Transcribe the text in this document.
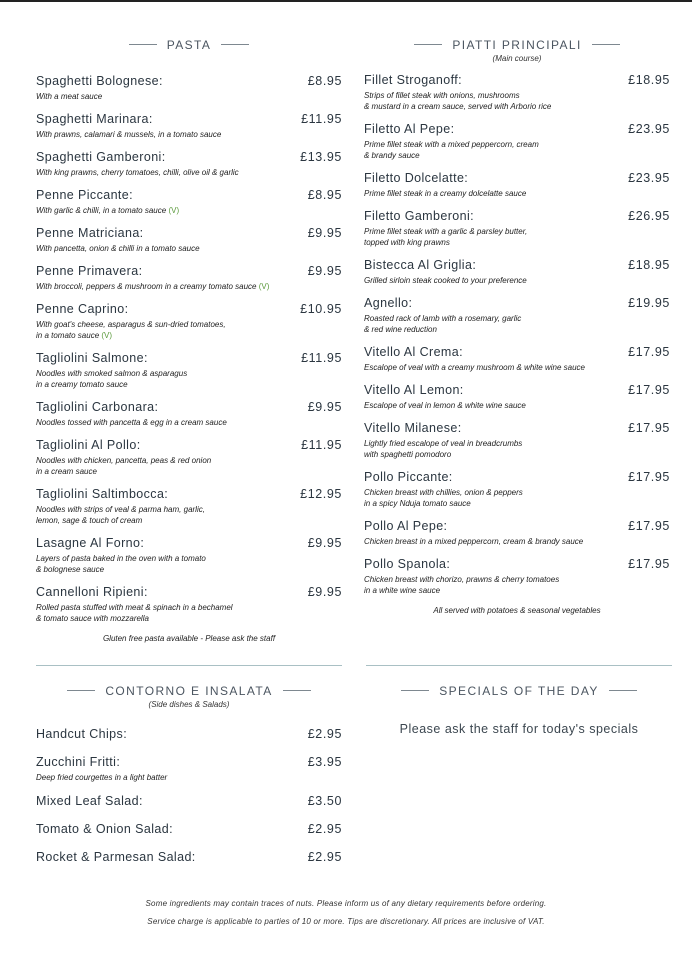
PASTA
Spaghetti Bolognese:	£8.95
With a meat sauce
Spaghetti Marinara:	£11.95
With prawns, calamari & mussels, in a tomato sauce
Spaghetti Gamberoni:	£13.95
With king prawns, cherry tomatoes, chilli, olive oil & garlic
Penne Piccante:	£8.95
With garlic & chilli, in a tomato sauce (V)
Penne Matriciana:	£9.95
With pancetta, onion & chilli in a tomato sauce
Penne Primavera:	£9.95
With broccoli, peppers & mushroom in a creamy tomato sauce (V)
Penne Caprino:	£10.95
With goat's cheese, asparagus & sun-dried tomatoes,
in a tomato sauce (V)
Tagliolini Salmone:	£11.95
Noodles with smoked salmon & asparagus
in a creamy tomato sauce
Tagliolini Carbonara:	£9.95
Noodles tossed with pancetta & egg in a cream sauce
Tagliolini Al Pollo:	£11.95
Noodles with chicken, pancetta, peas & red onion
in a cream sauce
Tagliolini Saltimbocca:	£12.95
Noodles with strips of veal & parma ham, garlic,
lemon, sage & touch of cream
Lasagne Al Forno:	£9.95
Layers of pasta baked in the oven with a tomato
& bolognese sauce
Cannelloni Ripieni:	£9.95
Rolled pasta stuffed with meat & spinach in a bechamel
& tomato sauce with mozzarella
Gluten free pasta available - Please ask the staff
PIATTI PRINCIPALI
(Main course)
Fillet Stroganoff:	£18.95
Strips of fillet steak with onions, mushrooms
& mustard in a cream sauce, served with Arborio rice
Filetto Al Pepe:	£23.95
Prime fillet steak with a mixed peppercorn, cream
& brandy sauce
Filetto Dolcelatte:	£23.95
Prime fillet steak in a creamy dolcelatte sauce
Filetto Gamberoni:	£26.95
Prime fillet steak with a garlic & parsley butter,
topped with king prawns
Bistecca Al Griglia:	£18.95
Grilled sirloin steak cooked to your preference
Agnello:	£19.95
Roasted rack of lamb with a rosemary, garlic
& red wine reduction
Vitello Al Crema:	£17.95
Escalope of veal with a creamy mushroom & white wine sauce
Vitello Al Lemon:	£17.95
Escalope of veal in lemon & white wine sauce
Vitello Milanese:	£17.95
Lightly fried escalope of veal in breadcrumbs
with spaghetti pomodoro
Pollo Piccante:	£17.95
Chicken breast with chillies, onion & peppers
in a spicy Nduja tomato sauce
Pollo Al Pepe:	£17.95
Chicken breast in a mixed peppercorn, cream & brandy sauce
Pollo Spanola:	£17.95
Chicken breast with chorizo, prawns & cherry tomatoes
in a white wine sauce
All served with potatoes & seasonal vegetables
CONTORNO E INSALATA
(Side dishes & Salads)
Handcut Chips:	£2.95
Zucchini Fritti:	£3.95
Deep fried courgettes in a light batter
Mixed Leaf Salad:	£3.50
Tomato & Onion Salad:	£2.95
Rocket & Parmesan Salad:	£2.95
SPECIALS OF THE DAY
Please ask the staff for today's specials
Some ingredients may contain traces of nuts. Please inform us of any dietary requirements before ordering.
Service charge is applicable to parties of 10 or more. Tips are discretionary. All prices are inclusive of VAT.
